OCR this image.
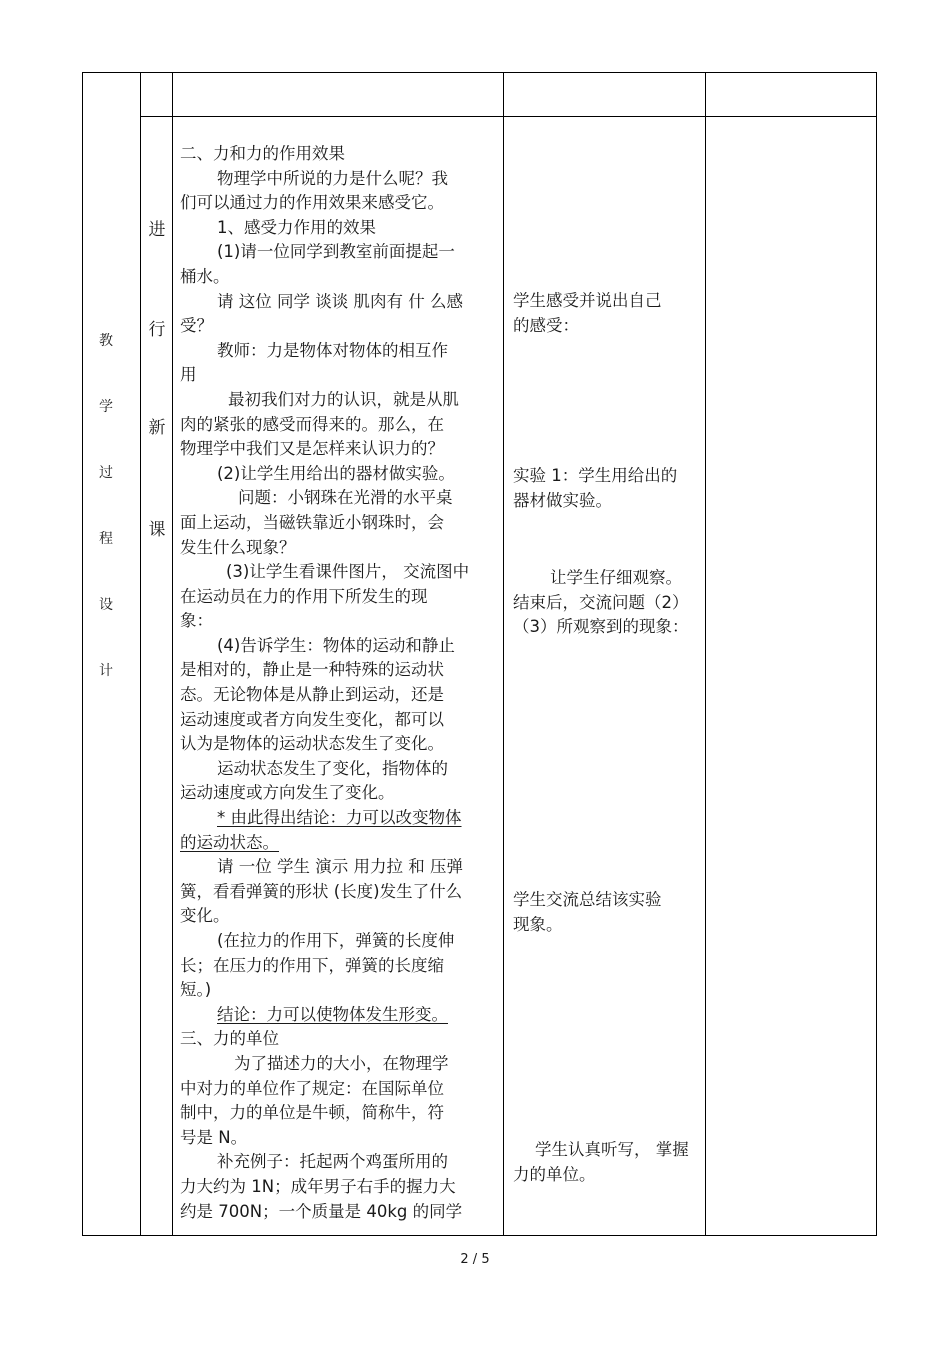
教
学
过
程
设
计
进
行
新
课

二、力和力的作用效果

物理学中所说的力是什么呢？我

们可以通过力的作用效果来感受它。

1、感受力作用的效果

(1)请一位同学到教室前面提起一

桶水。

请 这位 同学 谈谈 肌肉有 什 么感

受？

教师：力是物体对物体的相互作

用

最初我们对力的认识，就是从肌

肉的紧张的感受而得来的。那么，在

物理学中我们又是怎样来认识力的？

(2)让学生用给出的器材做实验。

问题：小钢珠在光滑的水平桌

面上运动，当磁铁靠近小钢珠时，会

发生什么现象？

(3)让学生看课件图片， 交流图中

在运动员在力的作用下所发生的现

象：

(4)告诉学生：物体的运动和静止

是相对的，静止是一种特殊的运动状

态。无论物体是从静止到运动，还是

运动速度或者方向发生变化，都可以

认为是物体的运动状态发生了变化。

运动状态发生了变化，指物体的

运动速度或方向发生了变化。

* 由此得出结论：力可以改变物体

的运动状态。

请 一位 学生 演示 用力拉 和 压弹

簧，看看弹簧的形状 (长度)发生了什么

变化。

(在拉力的作用下，弹簧的长度伸

长；在压力的作用下，弹簧的长度缩

短。)

结论：力可以使物体发生形变。

三、力的单位

为了描述力的大小，在物理学

中对力的单位作了规定：在国际单位

制中，力的单位是牛顿，简称牛，符

号是 N。

补充例子：托起两个鸡蛋所用的

力大约为 1N；成年男子右手的握力大

约是 700N；一个质量是 40kg 的同学

学生感受并说出自己

的感受：

实验 1：学生用给出的

器材做实验。

让学生仔细观察。

结束后，交流问题（2）

（3）所观察到的现象：

学生交流总结该实验

现象。

学生认真听写， 掌握

力的单位。

2 / 5
